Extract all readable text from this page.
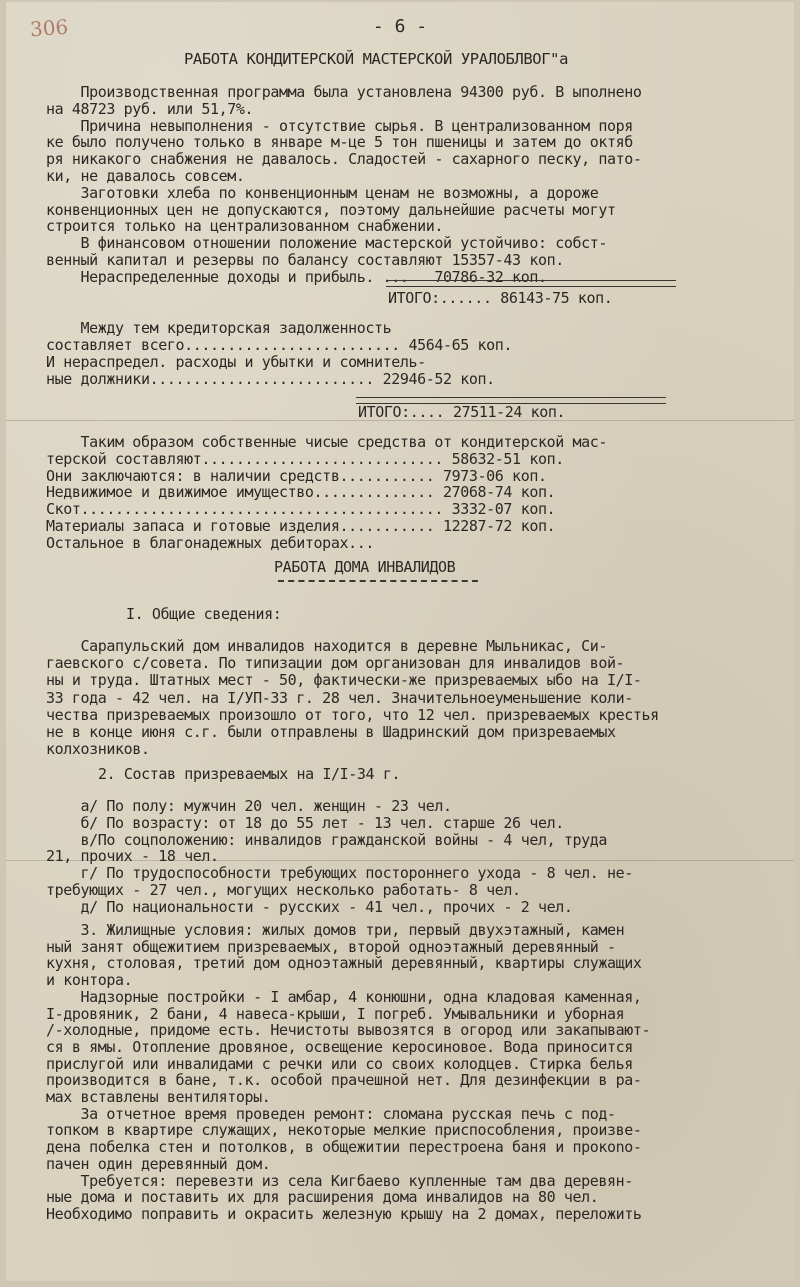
306	- 6 -
РАБОТА КОНДИТЕРСКОЙ МАСТЕРСКОЙ УРАЛОБЛВОГ"а
Производственная программа была установлена 94300 руб. В ыполнено
на 48723 руб. или 51,7%.
Причина невыполнения - отсутствие сырья. В централизованном поря
ке было получено только в январе м-це 5 тон пшеницы и затем до октяб
ря никакого снабжения не давалось. Сладостей - сахарного песку, пато-
ки, не давалось совсем.
Заготовки хлеба по конвенционным ценам не возможны, а дороже
конвенционных цен не допускаются, поэтому дальнейшие расчеты могут
строится только на централизованном снабжении.
В финансовом отношении положение мастерской устойчиво: собст-
венный капитал и резервы по балансу составляют 15357-43 коп.
Нераспределенные доходы и прибыль. ...   70786-32 коп.
ИТОГО:...... 86143-75 коп.
Между тем кредиторская задолженность
составляет всего......................... 4564-65 коп.
И нераспредел. расходы и убытки и сомнитель-
ные должники.......................... 22946-52 коп.
ИТОГО:.... 27511-24 коп.
Таким образом собственные чисые средства от кондитерской мас-
терской составляют............................ 58632-51 коп.
Они заключаются: в наличии средств........... 7973-06 коп.
Недвижимое и движимое имущество.............. 27068-74 коп.
Скот.......................................... 3332-07 коп.
Материалы запаса и готовые изделия........... 12287-72 коп.
Остальное в благонадежных дебиторах...
РАБОТА ДОМА ИНВАЛИДОВ
I. Общие сведения:
Сарапульский дом инвалидов находится в деревне Мыльникас, Си-
гаевского с/совета. По типизации дом организован для инвалидов вой-
ны и труда. Штатных мест - 50, фактически-же призреваемых ыбо на I/I-
33 года - 42 чел. на I/УП-33 г. 28 чел. Значительноеуменьшение коли-
чества призреваемых произошло от того, что 12 чел. призреваемых крестья
не в конце июня с.г. были отправлены в Шадринский дом призреваемых
колхозников.
2. Состав призреваемых на I/I-34 г.
а/ По полу: мужчин 20 чел. женщин - 23 чел.
б/ По возрасту: от 18 до 55 лет - 13 чел. старше 26 чел.
в/По соцположению: инвалидов гражданской войны - 4 чел, труда
21, прочих - 18 чел.
г/ По трудоспособности требующих постороннего ухода - 8 чел. не-
требующих - 27 чел., могущих несколько работать- 8 чел.
д/ По национальности - русских - 41 чел., прочих - 2 чел.
3. Жилищные условия: жилых домов три, первый двухэтажный, камен
ный занят общежитием призреваемых, второй одноэтажный деревянный -
кухня, столовая, третий дом одноэтажный деревянный, квартиры служащих
и контора.
Надзорные постройки - I амбар, 4 конюшни, одна кладовая каменная,
I-дровяник, 2 бани, 4 навеса-крыши, I погреб. Умывальники и уборная
/-холодные, придоме есть. Нечистоты вывозятся в огород или закапывают-
ся в ямы. Отопление дровяное, освещение керосиновое. Вода приносится
прислугой или инвалидами с речки или со своих колодцев. Стирка белья
производится в бане, т.к. особой прачешной нет. Для дезинфекции в ра-
мах вставлены вентиляторы.
За отчетное время проведен ремонт: сломана русская печь с под-
топком в квартире служащих, некоторые мелкие приспособления, произве-
дена побелка стен и потолков, в общежитии перестроена баня и прокono-
пачен один деревянный дом.
Требуется: перевезти из села Кигбаево купленные там два деревян-
ные дома и поставить их для расширения дома инвалидов на 80 чел.
Необходимо поправить и окрасить железную крышу на 2 домах, переложить
